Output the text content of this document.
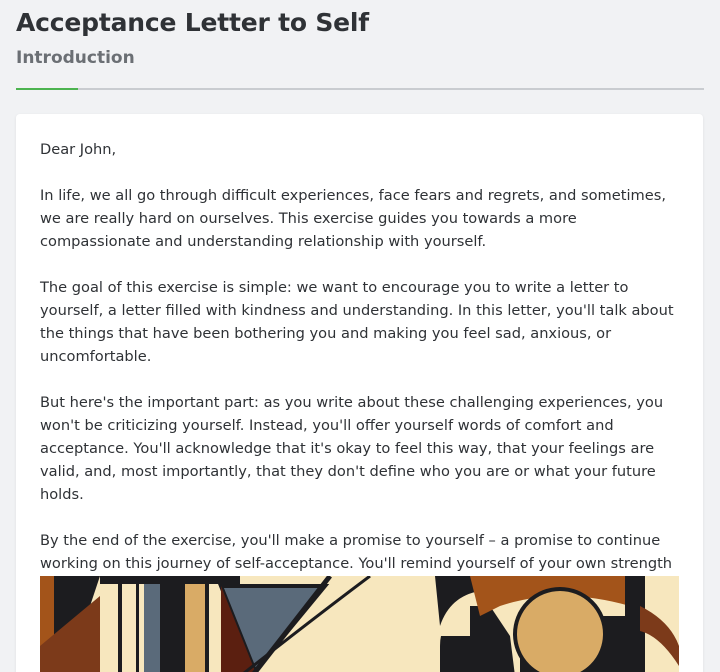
Acceptance Letter to Self
Introduction

Dear John,

In life, we all go through difficult experiences, face fears and regrets, and sometimes, we are really hard on ourselves. This exercise guides you towards a more compassionate and understanding relationship with yourself.

The goal of this exercise is simple: we want to encourage you to write a letter to yourself, a letter filled with kindness and understanding. In this letter, you'll talk about the things that have been bothering you and making you feel sad, anxious, or uncomfortable.

But here's the important part: as you write about these challenging experiences, you won't be criticizing yourself. Instead, you'll offer yourself words of comfort and acceptance. You'll acknowledge that it's okay to feel this way, that your feelings are valid, and, most importantly, that they don't define who you are or what your future holds.

By the end of the exercise, you'll make a promise to yourself – a promise to continue working on this journey of self-acceptance. You'll remind yourself of your own strength
